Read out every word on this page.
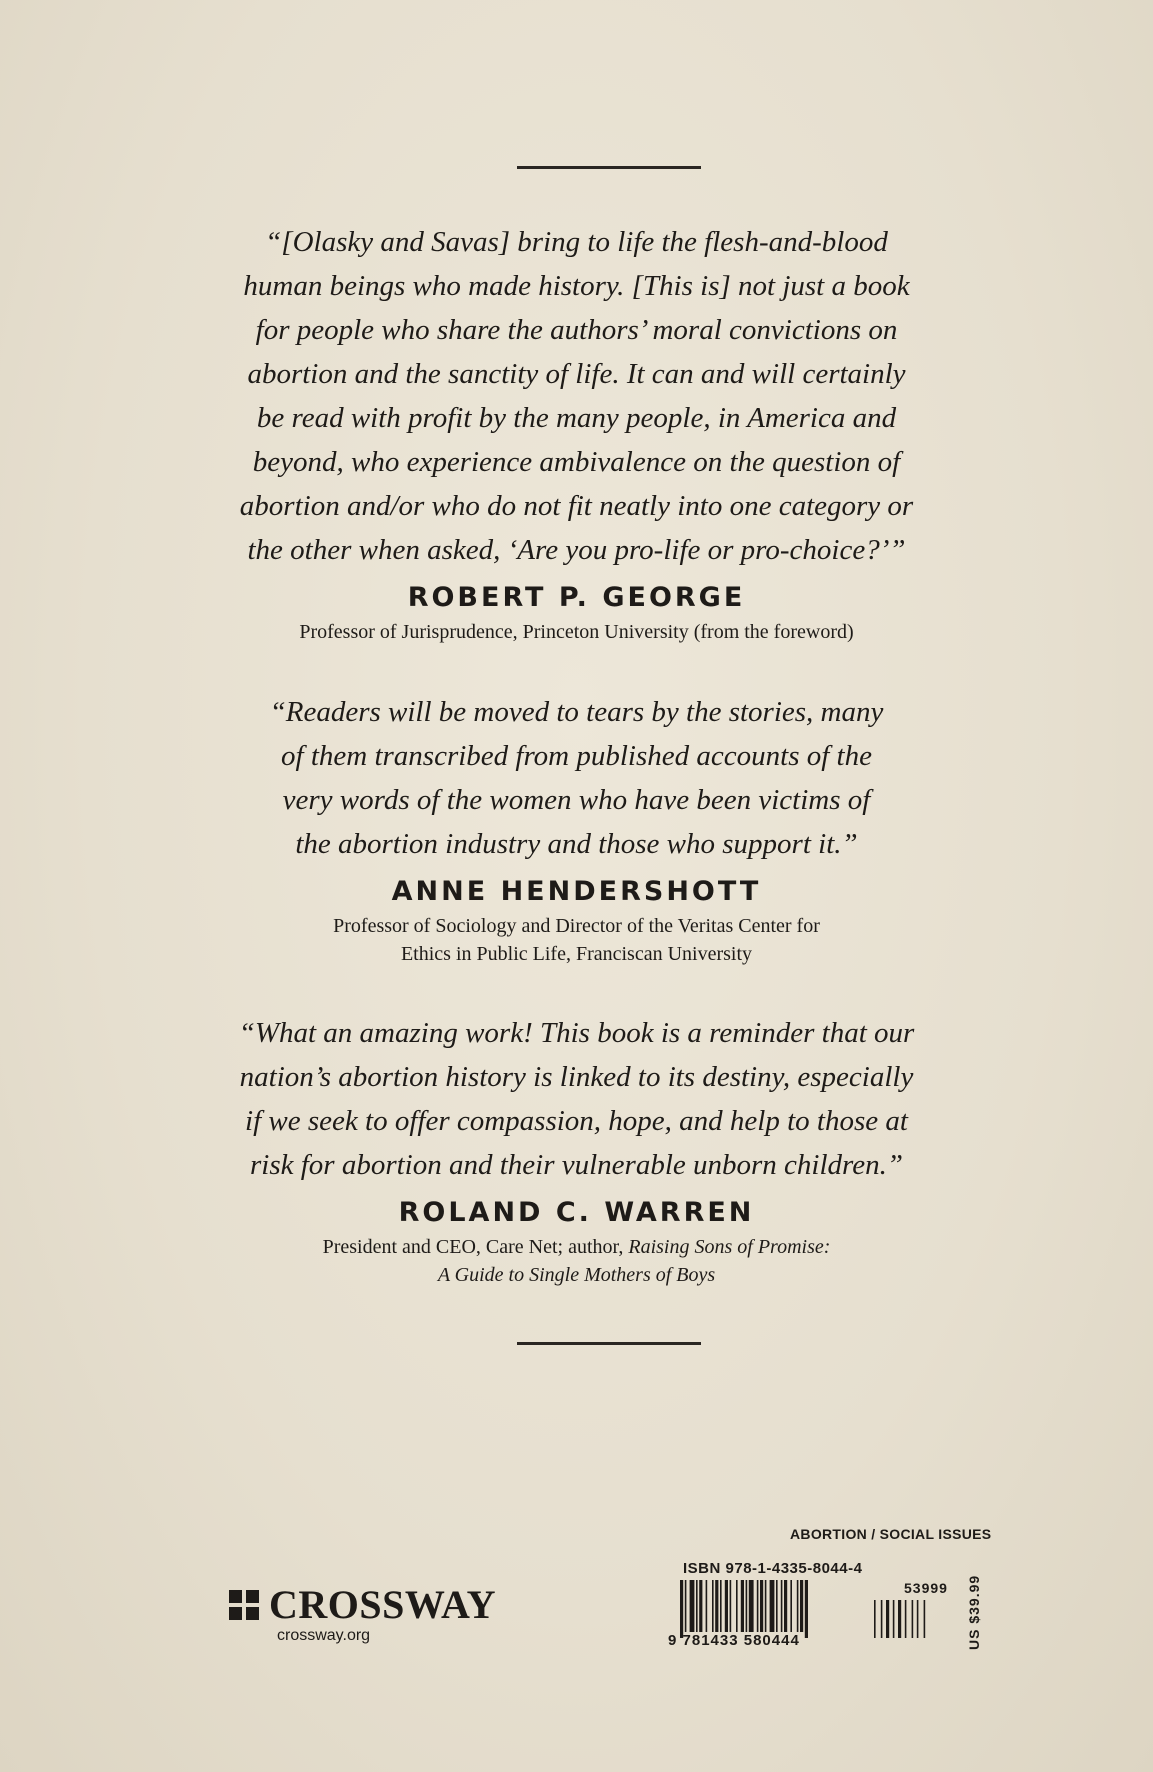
“[Olasky and Savas] bring to life the flesh-and-blood
human beings who made history. [This is] not just a book
for people who share the authors’ moral convictions on
abortion and the sanctity of life. It can and will certainly
be read with profit by the many people, in America and
beyond, who experience ambivalence on the question of
abortion and/or who do not fit neatly into one category or
the other when asked, ‘Are you pro-life or pro-choice?’”

ROBERT P. GEORGE
Professor of Jurisprudence, Princeton University (from the foreword)

“Readers will be moved to tears by the stories, many
of them transcribed from published accounts of the
very words of the women who have been victims of
the abortion industry and those who support it.”

ANNE HENDERSHOTT
Professor of Sociology and Director of the Veritas Center for
Ethics in Public Life, Franciscan University

“What an amazing work! This book is a reminder that our
nation’s abortion history is linked to its destiny, especially
if we seek to offer compassion, hope, and help to those at
risk for abortion and their vulnerable unborn children.”

ROLAND C. WARREN
President and CEO, Care Net; author, Raising Sons of Promise:
A Guide to Single Mothers of Boys
CROSSWAY
crossway.org
ABORTION / SOCIAL ISSUES
ISBN 978-1-4335-8044-4
53999
9 781433 580444	US $39.99
